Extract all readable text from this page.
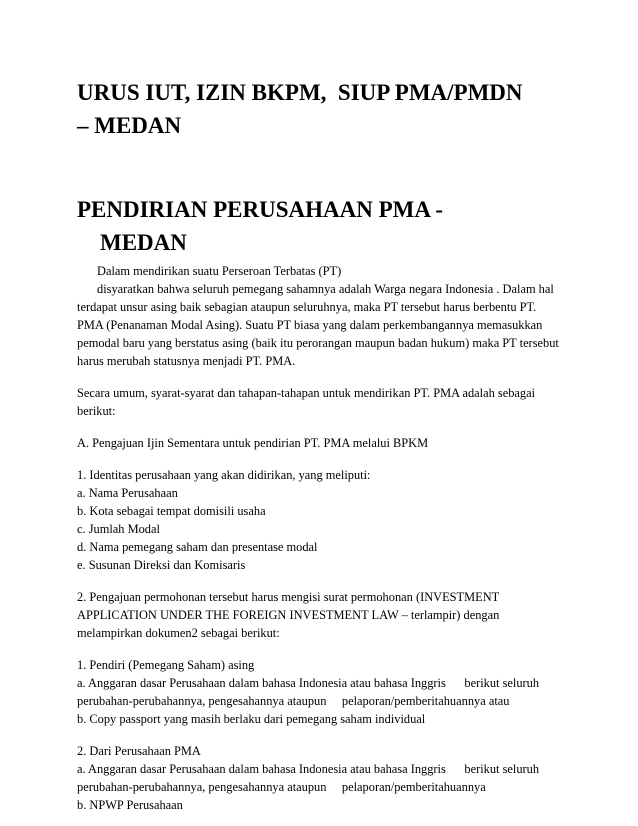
URUS IUT, IZIN BKPM,  SIUP PMA/PMDN
– MEDAN
PENDIRIAN PERUSAHAAN PMA -
MEDAN
Dalam mendirikan suatu Perseroan Terbatas (PT)
disyaratkan bahwa seluruh pemegang sahamnya adalah Warga negara Indonesia . Dalam hal
terdapat unsur asing baik sebagian ataupun seluruhnya, maka PT tersebut harus berbentu PT.
PMA (Penanaman Modal Asing). Suatu PT biasa yang dalam perkembangannya memasukkan
pemodal baru yang berstatus asing (baik itu perorangan maupun badan hukum) maka PT tersebut
harus merubah statusnya menjadi PT. PMA.
Secara umum, syarat-syarat dan tahapan-tahapan untuk mendirikan PT. PMA adalah sebagai
berikut:
A. Pengajuan Ijin Sementara untuk pendirian PT. PMA melalui BPKM
1. Identitas perusahaan yang akan didirikan, yang meliputi:
a. Nama Perusahaan
b. Kota sebagai tempat domisili usaha
c. Jumlah Modal
d. Nama pemegang saham dan presentase modal
e. Susunan Direksi dan Komisaris
2. Pengajuan permohonan tersebut harus mengisi surat permohonan (INVESTMENT
APPLICATION UNDER THE FOREIGN INVESTMENT LAW – terlampir) dengan
melampirkan dokumen2 sebagai berikut:
1. Pendiri (Pemegang Saham) asing
a. Anggaran dasar Perusahaan dalam bahasa Indonesia atau bahasa Inggris      berikut seluruh
perubahan-perubahannya, pengesahannya ataupun     pelaporan/pemberitahuannya atau
b. Copy passport yang masih berlaku dari pemegang saham individual
2. Dari Perusahaan PMA
a. Anggaran dasar Perusahaan dalam bahasa Indonesia atau bahasa Inggris      berikut seluruh
perubahan-perubahannya, pengesahannya ataupun     pelaporan/pemberitahuannya
b. NPWP Perusahaan
